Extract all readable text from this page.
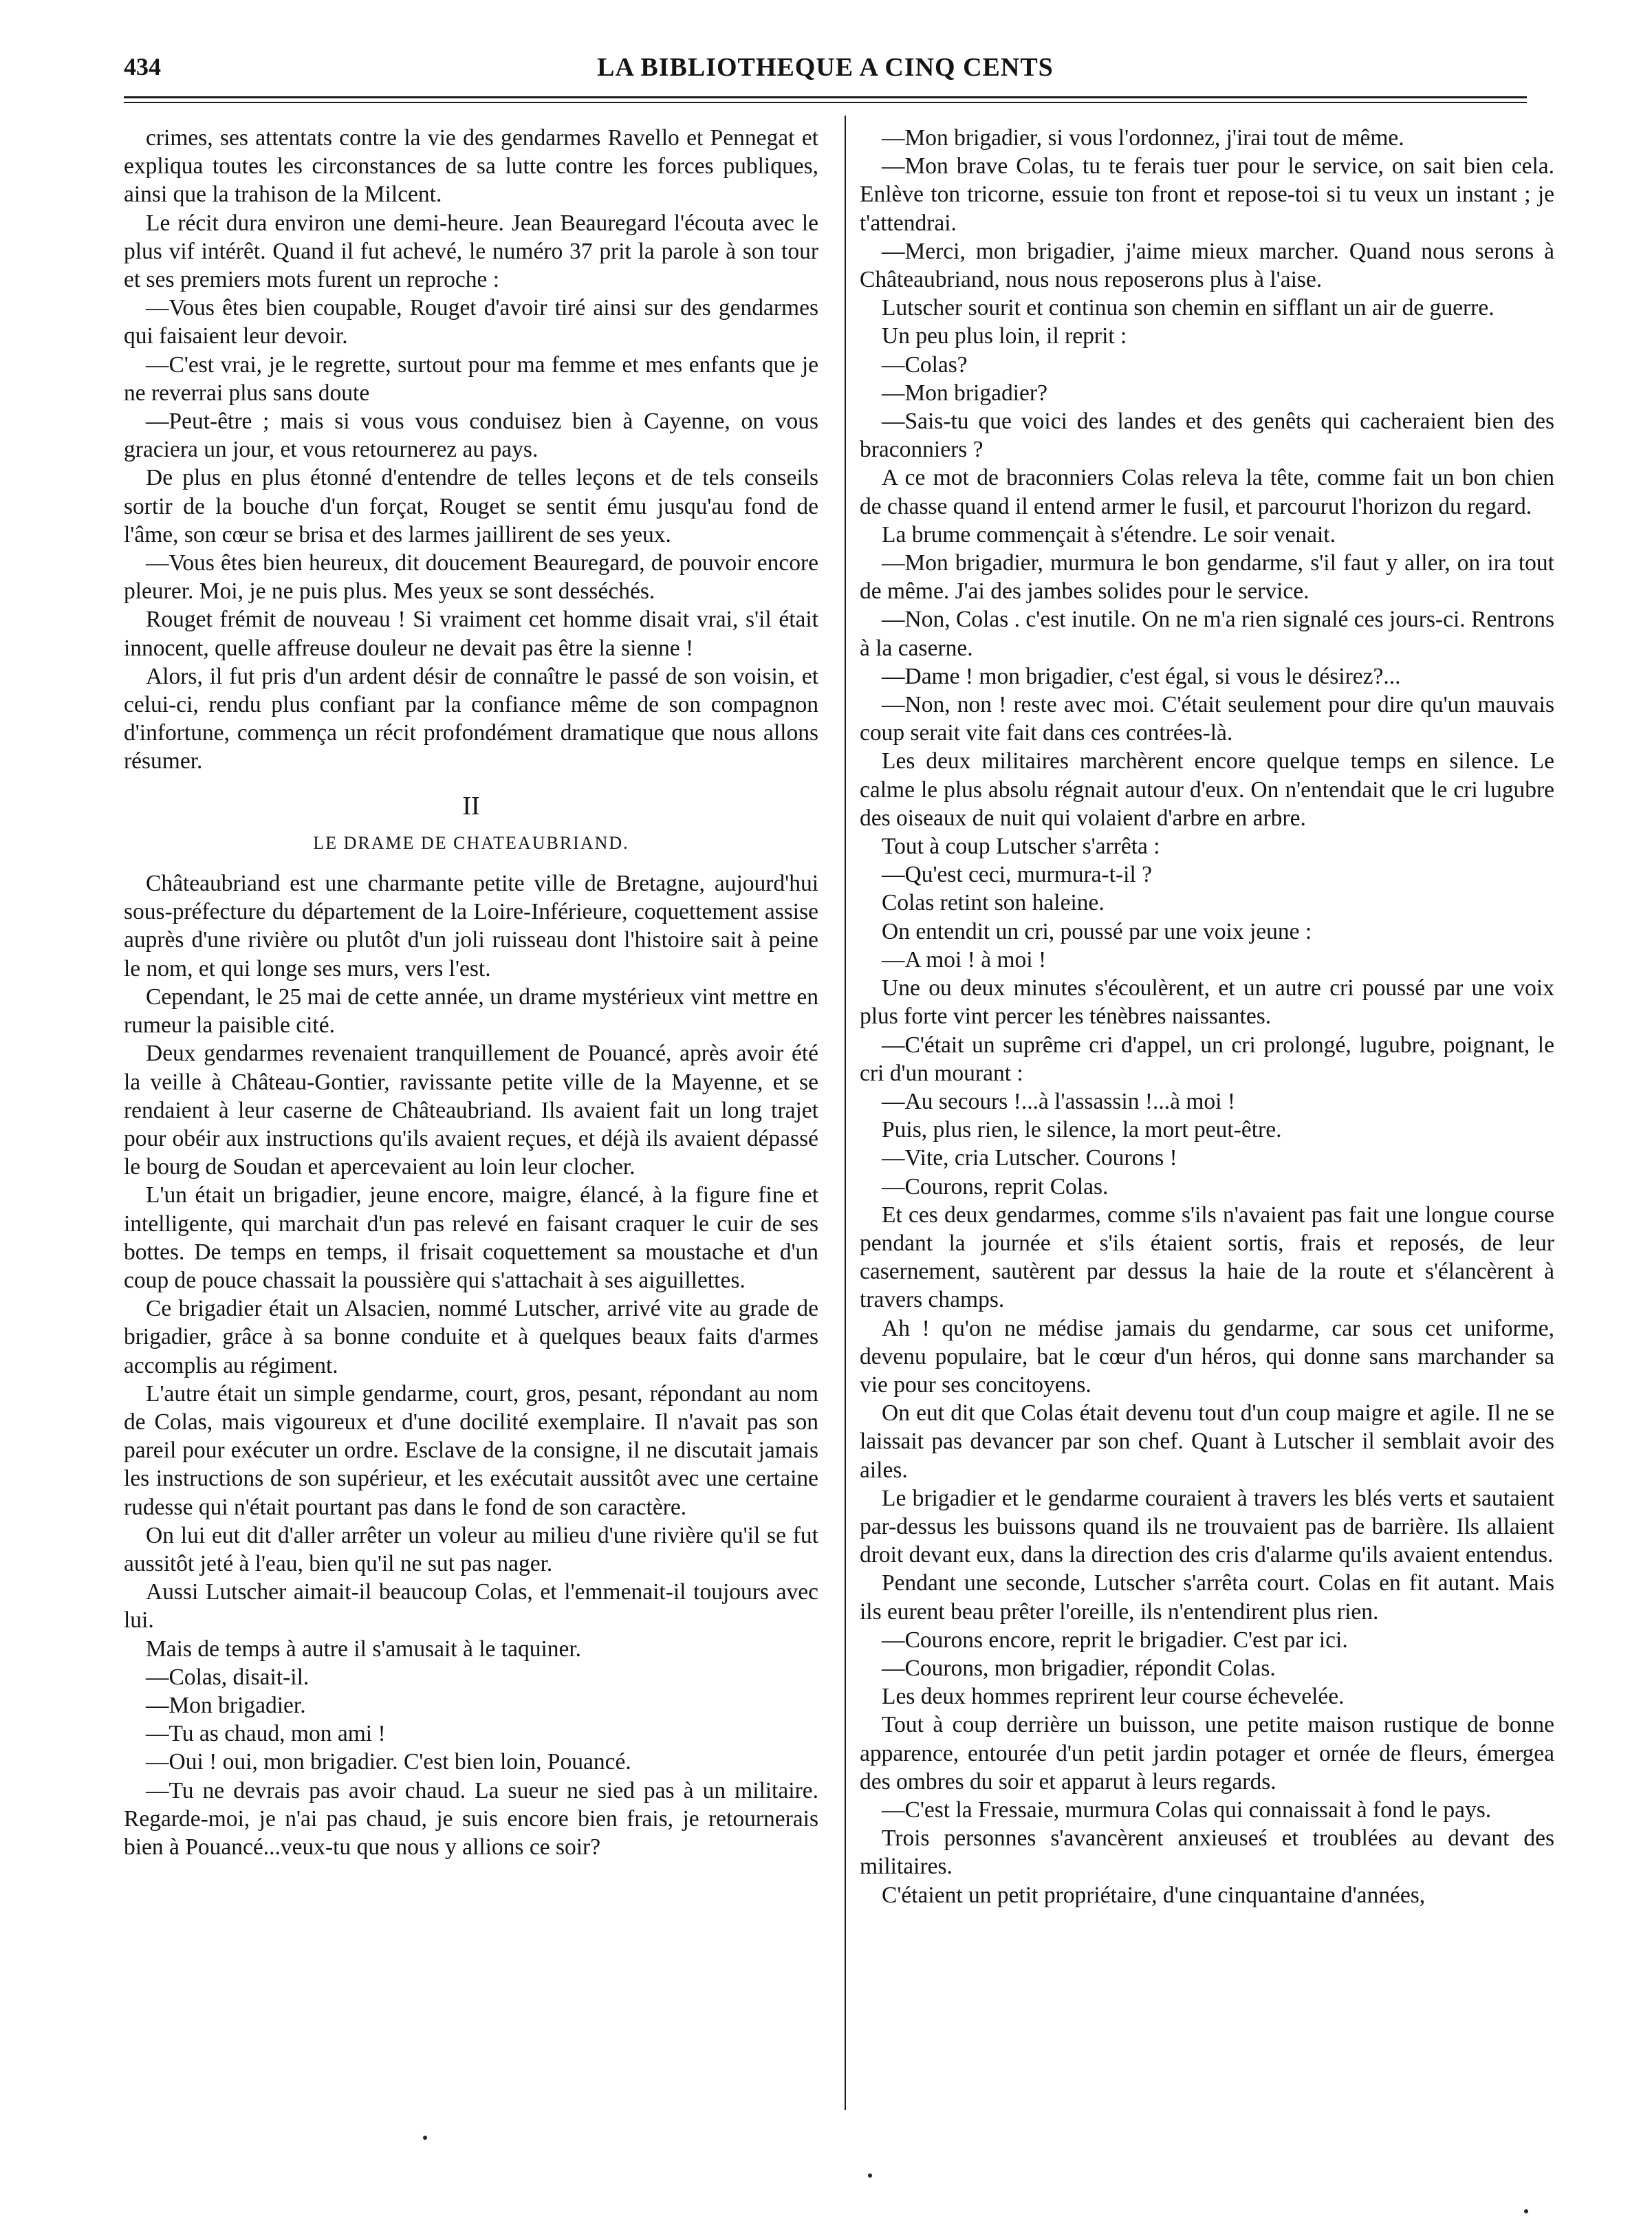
434	LA BIBLIOTHEQUE A CINQ CENTS

crimes, ses attentats contre la vie des gendarmes Ravello et Pennegat et expliqua toutes les circonstances de sa lutte contre les forces publiques, ainsi que la trahison de la Milcent.

Le récit dura environ une demi-heure. Jean Beauregard l'écouta avec le plus vif intérêt. Quand il fut achevé, le numéro 37 prit la parole à son tour et ses premiers mots furent un reproche :

—Vous êtes bien coupable, Rouget d'avoir tiré ainsi sur des gendarmes qui faisaient leur devoir.

—C'est vrai, je le regrette, surtout pour ma femme et mes enfants que je ne reverrai plus sans doute

—Peut-être ; mais si vous vous conduisez bien à Cayenne, on vous graciera un jour, et vous retournerez au pays.

De plus en plus étonné d'entendre de telles leçons et de tels conseils sortir de la bouche d'un forçat, Rouget se sentit ému jusqu'au fond de l'âme, son cœur se brisa et des larmes jaillirent de ses yeux.

—Vous êtes bien heureux, dit doucement Beauregard, de pouvoir encore pleurer. Moi, je ne puis plus. Mes yeux se sont desséchés.

Rouget frémit de nouveau ! Si vraiment cet homme disait vrai, s'il était innocent, quelle affreuse douleur ne devait pas être la sienne !

Alors, il fut pris d'un ardent désir de connaître le passé de son voisin, et celui-ci, rendu plus confiant par la confiance même de son compagnon d'infortune, commença un récit profondément dramatique que nous allons résumer.

II
LE DRAME DE CHATEAUBRIAND.

Châteaubriand est une charmante petite ville de Bretagne, aujourd'hui sous-préfecture du département de la Loire-Inférieure, coquettement assise auprès d'une rivière ou plutôt d'un joli ruisseau dont l'histoire sait à peine le nom, et qui longe ses murs, vers l'est.

Cependant, le 25 mai de cette année, un drame mystérieux vint mettre en rumeur la paisible cité.

Deux gendarmes revenaient tranquillement de Pouancé, après avoir été la veille à Château-Gontier, ravissante petite ville de la Mayenne, et se rendaient à leur caserne de Châteaubriand. Ils avaient fait un long trajet pour obéir aux instructions qu'ils avaient reçues, et déjà ils avaient dépassé le bourg de Soudan et apercevaient au loin leur clocher.

L'un était un brigadier, jeune encore, maigre, élancé, à la figure fine et intelligente, qui marchait d'un pas relevé en faisant craquer le cuir de ses bottes. De temps en temps, il frisait coquettement sa moustache et d'un coup de pouce chassait la poussière qui s'attachait à ses aiguillettes.

Ce brigadier était un Alsacien, nommé Lutscher, arrivé vite au grade de brigadier, grâce à sa bonne conduite et à quelques beaux faits d'armes accomplis au régiment.

L'autre était un simple gendarme, court, gros, pesant, répondant au nom de Colas, mais vigoureux et d'une docilité exemplaire. Il n'avait pas son pareil pour exécuter un ordre. Esclave de la consigne, il ne discutait jamais les instructions de son supérieur, et les exécutait aussitôt avec une certaine rudesse qui n'était pourtant pas dans le fond de son caractère.

On lui eut dit d'aller arrêter un voleur au milieu d'une rivière qu'il se fut aussitôt jeté à l'eau, bien qu'il ne sut pas nager.

Aussi Lutscher aimait-il beaucoup Colas, et l'emmenait-il toujours avec lui.

Mais de temps à autre il s'amusait à le taquiner.

—Colas, disait-il.

—Mon brigadier.

—Tu as chaud, mon ami !

—Oui ! oui, mon brigadier. C'est bien loin, Pouancé.

—Tu ne devrais pas avoir chaud. La sueur ne sied pas à un militaire. Regarde-moi, je n'ai pas chaud, je suis encore bien frais, je retournerais bien à Pouancé...veux-tu que nous y allions ce soir?

—Mon brigadier, si vous l'ordonnez, j'irai tout de même.

—Mon brave Colas, tu te ferais tuer pour le service, on sait bien cela. Enlève ton tricorne, essuie ton front et repose-toi si tu veux un instant ; je t'attendrai.

—Merci, mon brigadier, j'aime mieux marcher. Quand nous serons à Châteaubriand, nous nous reposerons plus à l'aise.

Lutscher sourit et continua son chemin en sifflant un air de guerre.

Un peu plus loin, il reprit :

—Colas?

—Mon brigadier?

—Sais-tu que voici des landes et des genêts qui cacheraient bien des braconniers ?

A ce mot de braconniers Colas releva la tête, comme fait un bon chien de chasse quand il entend armer le fusil, et parcourut l'horizon du regard.

La brume commençait à s'étendre. Le soir venait.

—Mon brigadier, murmura le bon gendarme, s'il faut y aller, on ira tout de même. J'ai des jambes solides pour le service.

—Non, Colas . c'est inutile. On ne m'a rien signalé ces jours-ci. Rentrons à la caserne.

—Dame ! mon brigadier, c'est égal, si vous le désirez?...

—Non, non ! reste avec moi. C'était seulement pour dire qu'un mauvais coup serait vite fait dans ces contrées-là.

Les deux militaires marchèrent encore quelque temps en silence. Le calme le plus absolu régnait autour d'eux. On n'entendait que le cri lugubre des oiseaux de nuit qui volaient d'arbre en arbre.

Tout à coup Lutscher s'arrêta :

—Qu'est ceci, murmura-t-il ?

Colas retint son haleine.

On entendit un cri, poussé par une voix jeune :

—A moi ! à moi !

Une ou deux minutes s'écoulèrent, et un autre cri poussé par une voix plus forte vint percer les ténèbres naissantes.

—C'était un suprême cri d'appel, un cri prolongé, lugubre, poignant, le cri d'un mourant :

—Au secours !...à l'assassin !...à moi !

Puis, plus rien, le silence, la mort peut-être.

—Vite, cria Lutscher. Courons !

—Courons, reprit Colas.

Et ces deux gendarmes, comme s'ils n'avaient pas fait une longue course pendant la journée et s'ils étaient sortis, frais et reposés, de leur casernement, sautèrent par dessus la haie de la route et s'élancèrent à travers champs.

Ah ! qu'on ne médise jamais du gendarme, car sous cet uniforme, devenu populaire, bat le cœur d'un héros, qui donne sans marchander sa vie pour ses concitoyens.

On eut dit que Colas était devenu tout d'un coup maigre et agile. Il ne se laissait pas devancer par son chef. Quant à Lutscher il semblait avoir des ailes.

Le brigadier et le gendarme couraient à travers les blés verts et sautaient par-dessus les buissons quand ils ne trouvaient pas de barrière. Ils allaient droit devant eux, dans la direction des cris d'alarme qu'ils avaient entendus.

Pendant une seconde, Lutscher s'arrêta court. Colas en fit autant. Mais ils eurent beau prêter l'oreille, ils n'entendirent plus rien.

—Courons encore, reprit le brigadier. C'est par ici.

—Courons, mon brigadier, répondit Colas.

Les deux hommes reprirent leur course échevelée.

Tout à coup derrière un buisson, une petite maison rustique de bonne apparence, entourée d'un petit jardin potager et ornée de fleurs, émergea des ombres du soir et apparut à leurs regards.

—C'est la Fressaie, murmura Colas qui connaissait à fond le pays.

Trois personnes s'avancèrent anxieuseś et troublées au devant des militaires.

C'étaient un petit propriétaire, d'une cinquantaine d'années,
